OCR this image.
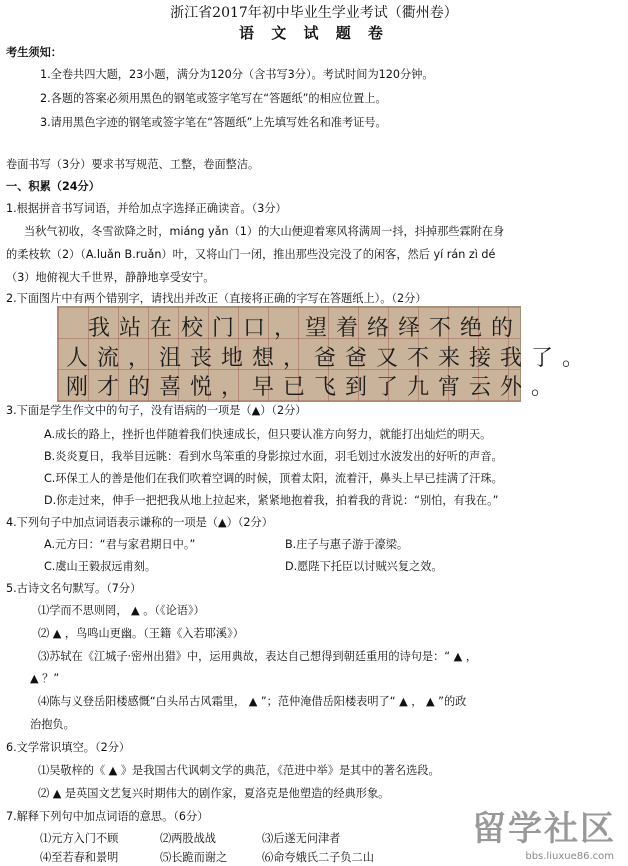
浙江省2017年初中毕业生学业考试（衢州卷）
语 文 试 题 卷
考生须知：
1.全卷共四大题，23小题，满分为120分（含书写3分）。考试时间为120分钟。
2.各题的答案必须用黑色的钢笔或签字笔写在“答题纸”的相应位置上。
3.请用黑色字迹的钢笔或签字笔在“答题纸”上先填写姓名和准考证号。
卷面书写（3分）要求书写规范、工整，卷面整洁。
一、积累（24分）
1.根据拼音书写词语，并给加点字选择正确读音。（3分）
当秋气初收，冬雪欲降之时，miáng yǎn（1）的大山便迎着寒风将满周一抖，抖掉那些霖附在身
的柔枝软（2）（A.luǎn B.ruǎn）叶，又将山门一闭，推出那些没完没了的闲客，然后 yí rán zì dé
（3）地俯视大千世界，静静地享受安宁。
2.下面图片中有两个错别字，请找出并改正（直接将正确的字写在答题纸上）。（2分）
我站在校门口，望着络绎不绝的
人流，沮丧地想，爸爸又不来接我了。
刚才的喜悦，早已飞到了九宵云外。
3.下面是学生作文中的句子，没有语病的一项是（▲）（2分）
A.成长的路上，挫折也伴随着我们快速成长，但只要认准方向努力，就能打出灿烂的明天。
B.炎炎夏日，我举目远眺：看到水鸟笨重的身影掠过水面，羽毛划过水波发出的好听的声音。
C.环保工人的善是他们在我们吹着空调的时候，顶着太阳，流着汗，鼻头上早已挂满了汗珠。
D.你走过来，伸手一把把我从地上拉起来，紧紧地抱着我，拍着我的背说：“别怕，有我在。”
4.下列句子中加点词语表示谦称的一项是（▲）（2分）
A.元方曰：“君与家君期日中。”	B.庄子与惠子游于濠梁。
C.虞山王毅叔远甫刻。	D.愿陛下托臣以讨贼兴复之效。
5.古诗文名句默写。（7分）
⑴学而不思则罔， ▲ 。（《论语》）
⑵ ▲ ，鸟鸣山更幽。（王籍《入若耶溪》）
⑶苏轼在《江城子·密州出猎》中，运用典故，表达自己想得到朝廷重用的诗句是：“ ▲ ，
▲ ？”
⑷陈与义登岳阳楼感慨“白头吊古风霜里， ▲ ”；范仲淹借岳阳楼表明了“ ▲ ， ▲ ”的政
治抱负。
6.文学常识填空。（2分）
⑴吴敬梓的《 ▲ 》是我国古代讽刺文学的典范，《范进中举》是其中的著名选段。
⑵ ▲ 是英国文艺复兴时期伟大的剧作家，夏洛克是他塑造的经典形象。
7.解释下列句中加点词语的意思。（6分）
⑴元方入门不顾	⑵两股战战	⑶后遂无问津者
⑷至若春和景明	⑸长跪而谢之	⑹命夸娥氏二子负二山
留学社区
bbs.liuxue86.com
